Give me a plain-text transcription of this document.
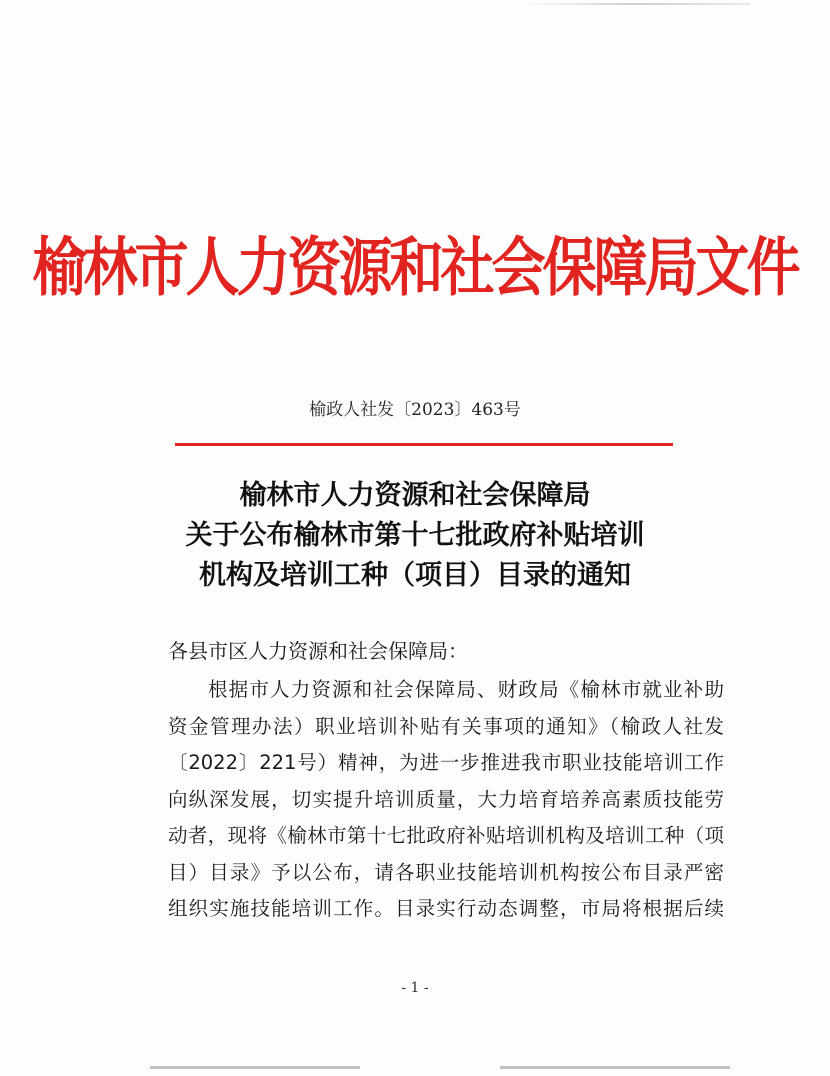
榆林市人力资源和社会保障局文件
榆政人社发〔2023〕463号
榆林市人力资源和社会保障局
关于公布榆林市第十七批政府补贴培训
机构及培训工种（项目）目录的通知
各县市区人力资源和社会保障局：
根据市人力资源和社会保障局、财政局《榆林市就业补助
资金管理办法）职业培训补贴有关事项的通知》（榆政人社发
〔2022〕221号）精神，为进一步推进我市职业技能培训工作
向纵深发展，切实提升培训质量，大力培育培养高素质技能劳
动者，现将《榆林市第十七批政府补贴培训机构及培训工种（项
目）目录》予以公布，请各职业技能培训机构按公布目录严密
组织实施技能培训工作。目录实行动态调整，市局将根据后续
- 1 -
